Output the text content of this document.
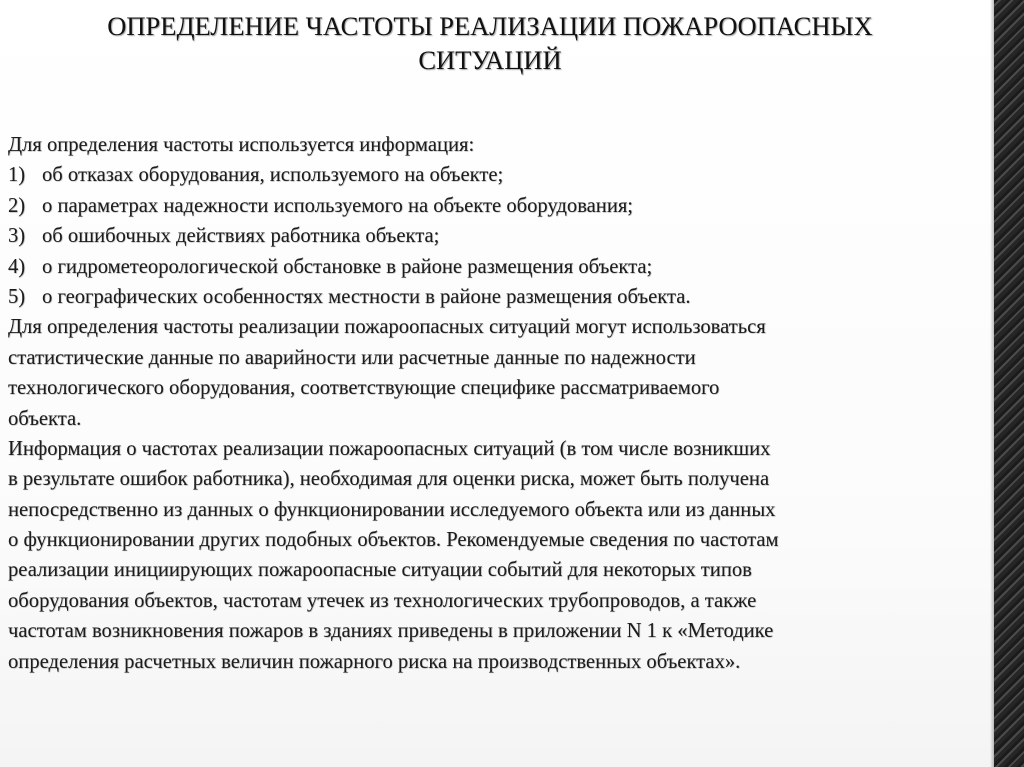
ОПРЕДЕЛЕНИЕ ЧАСТОТЫ РЕАЛИЗАЦИИ ПОЖАРООПАСНЫХ
СИТУАЦИЙ
Для определения частоты используется информация:
1) об отказах оборудования, используемого на объекте;
2) о параметрах надежности используемого на объекте оборудования;
3) об ошибочных действиях работника объекта;
4) о гидрометеорологической обстановке в районе размещения объекта;
5) о географических особенностях местности в районе размещения объекта.
Для определения частоты реализации пожароопасных ситуаций могут использоваться
статистические данные по аварийности или расчетные данные по надежности
технологического оборудования, соответствующие специфике рассматриваемого
объекта.
Информация о частотах реализации пожароопасных ситуаций (в том числе возникших
в результате ошибок работника), необходимая для оценки риска, может быть получена
непосредственно из данных о функционировании исследуемого объекта или из данных
о функционировании других подобных объектов. Рекомендуемые сведения по частотам
реализации инициирующих пожароопасные ситуации событий для некоторых типов
оборудования объектов, частотам утечек из технологических трубопроводов, а также
частотам возникновения пожаров в зданиях приведены в приложении N 1 к «Методике
определения расчетных величин пожарного риска на производственных объектах».
